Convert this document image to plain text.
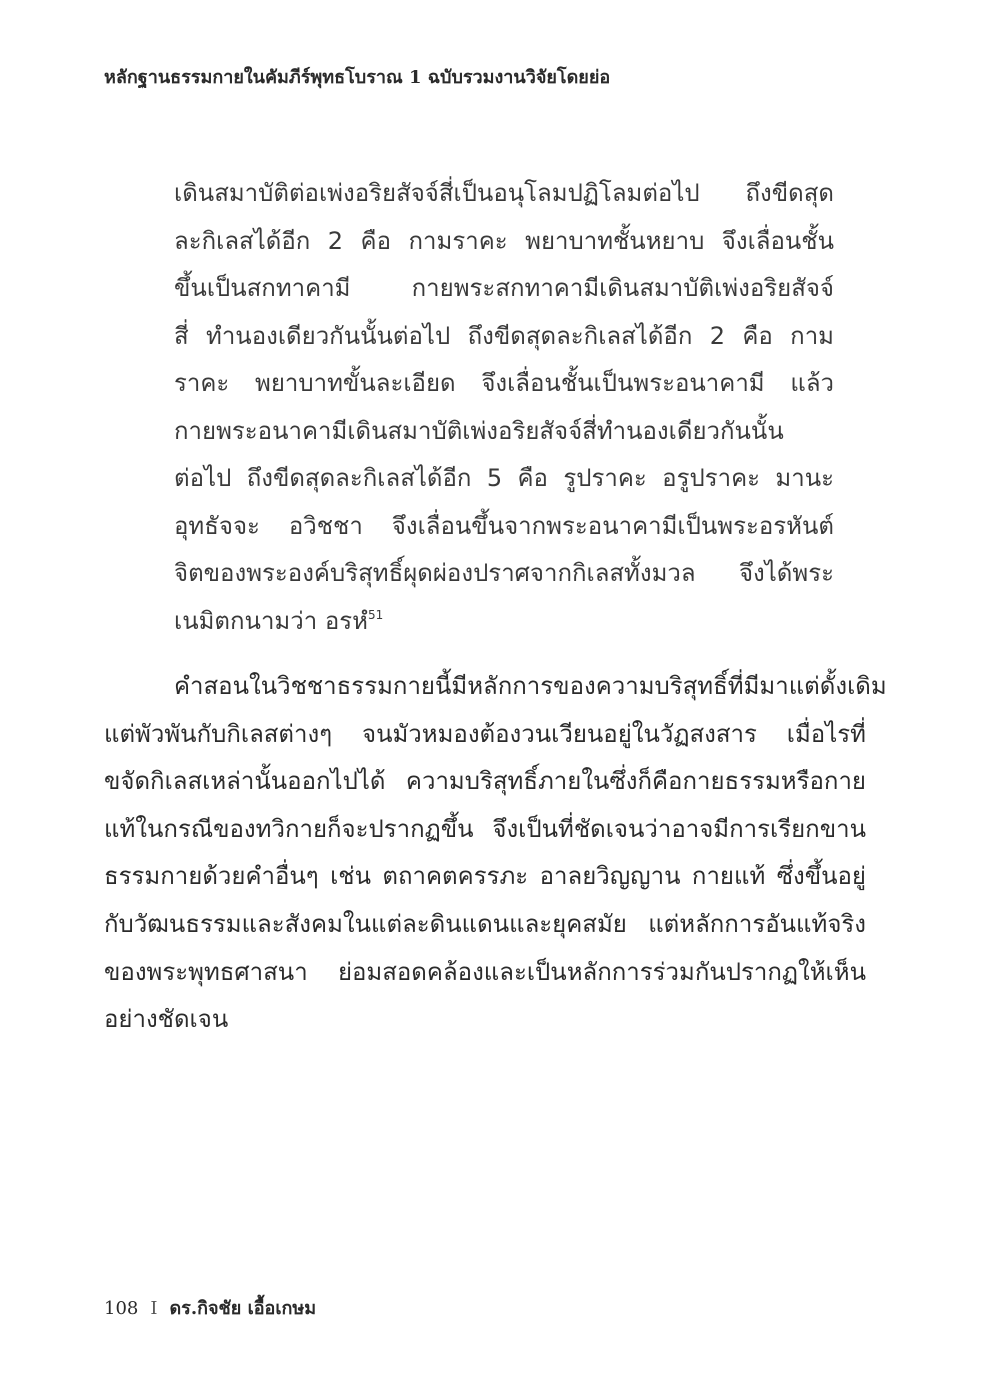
หลักฐานธรรมกายในคัมภีร์พุทธโบราณ 1 ฉบับรวมงานวิจัยโดยย่อ
เดินสมาบัติต่อเพ่งอริยสัจจ์สี่เป็นอนุโลมปฏิโลมต่อไป ถึงขีดสุด
ละกิเลสได้อีก 2 คือ กามราคะ พยาบาทชั้นหยาบ จึงเลื่อนชั้น
ขึ้นเป็นสกทาคามี กายพระสกทาคามีเดินสมาบัติเพ่งอริยสัจจ์
สี่ ทำนองเดียวกันนั้นต่อไป ถึงขีดสุดละกิเลสได้อีก 2 คือ กาม
ราคะ พยาบาทขั้นละเอียด จึงเลื่อนชั้นเป็นพระอนาคามี แล้ว
กายพระอนาคามีเดินสมาบัติเพ่งอริยสัจจ์สี่ทำนองเดียวกันนั้น
ต่อไป ถึงขีดสุดละกิเลสได้อีก 5 คือ รูปราคะ อรูปราคะ มานะ
อุทธัจจะ อวิชชา จึงเลื่อนขึ้นจากพระอนาคามีเป็นพระอรหันต์
จิตของพระองค์บริสุทธิ์ผุดผ่องปราศจากกิเลสทั้งมวล จึงได้พระ
เนมิตกนามว่า อรหํ$^{51}$
คำสอนในวิชชาธรรมกายนี้มีหลักการของความบริสุทธิ์ที่มีมาแต่ดั้งเดิม
แต่พัวพันกับกิเลสต่างๆ จนมัวหมองต้องวนเวียนอยู่ในวัฏสงสาร เมื่อไรที่
ขจัดกิเลสเหล่านั้นออกไปได้ ความบริสุทธิ์ภายในซึ่งก็คือกายธรรมหรือกาย
แท้ในกรณีของทวิกายก็จะปรากฏขึ้น จึงเป็นที่ชัดเจนว่าอาจมีการเรียกขาน
ธรรมกายด้วยคำอื่นๆ เช่น ตถาคตครรภะ อาลยวิญญาน กายแท้ ซึ่งขึ้นอยู่
กับวัฒนธรรมและสังคมในแต่ละดินแดนและยุคสมัย แต่หลักการอันแท้จริง
ของพระพุทธศาสนา ย่อมสอดคล้องและเป็นหลักการร่วมกันปรากฏให้เห็น
อย่างชัดเจน
108 I ดร.กิจชัย เอื้อเกษม
